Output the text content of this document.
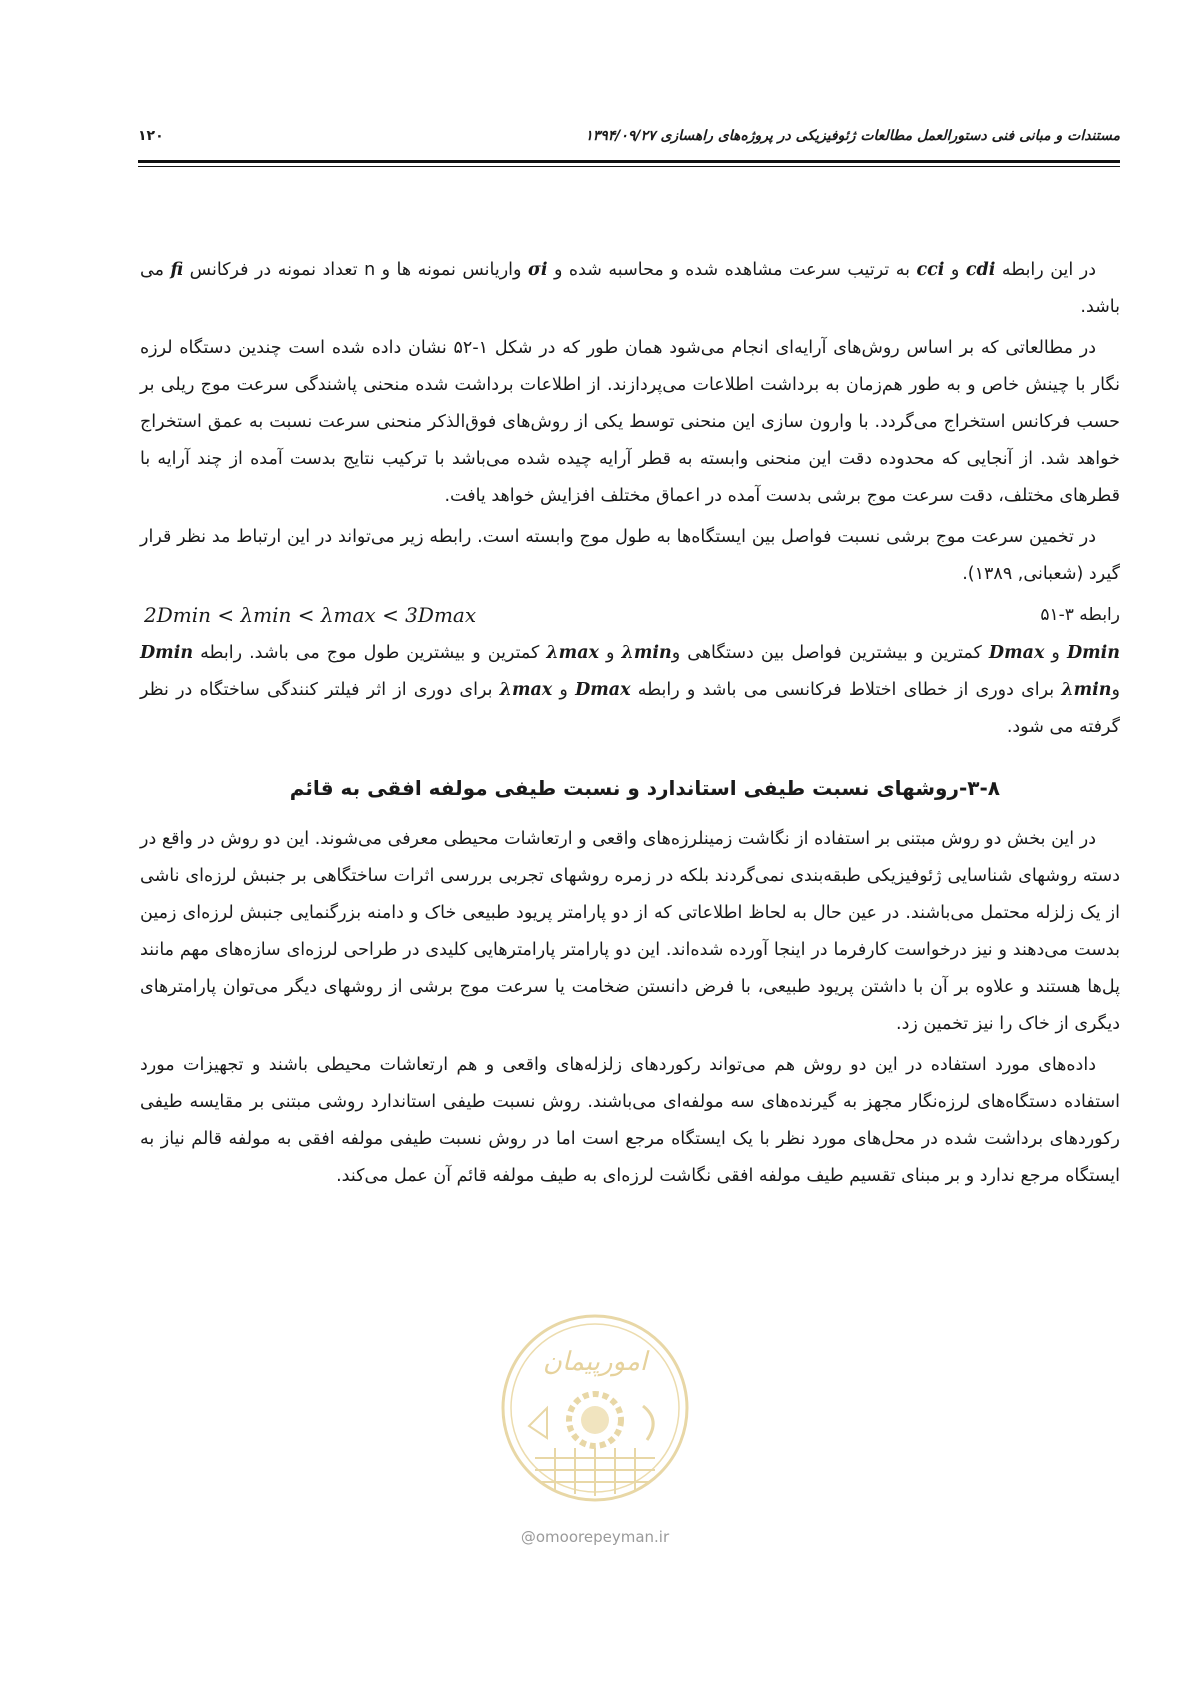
۱۲۰	مستندات و مبانی فنی دستورالعمل مطالعات ژئوفیزیکی در پروژه‌های راهسازی ۱۳۹۴/۰۹/۲۷

در این رابطه cdi و cci به ترتیب سرعت مشاهده شده و محاسبه شده و σi واریانس نمونه ها و n تعداد نمونه در فرکانس fi می باشد.

در مطالعاتی که بر اساس روش‌های آرایه‌ای انجام می‌شود همان طور که در شکل ۱-۵۲ نشان داده شده است چندین دستگاه لرزه نگار با چینش خاص و به طور هم‌زمان به برداشت اطلاعات می‌پردازند. از اطلاعات برداشت شده منحنی پاشندگی سرعت موج ریلی بر حسب فرکانس استخراج می‌گردد. با وارون سازی این منحنی توسط یکی از روش‌های فوق‌الذکر منحنی سرعت نسبت به عمق استخراج خواهد شد. از آنجایی که محدوده دقت این منحنی وابسته به قطر آرایه چیده شده می‌باشد با ترکیب نتایج بدست آمده از چند آرایه با قطرهای مختلف، دقت سرعت موج برشی بدست آمده در اعماق مختلف افزایش خواهد یافت.

در تخمین سرعت موج برشی نسبت فواصل بین ایستگاه‌ها به طول موج وابسته است. رابطه زیر می‌تواند در این ارتباط مد نظر قرار گیرد (شعبانی, ۱۳۸۹).

2Dmin < λmin < λmax < 3Dmax	رابطه ۳-۵۱

Dmin و Dmax کمترین و بیشترین فواصل بین دستگاهی وλmin و λmax کمترین و بیشترین طول موج می باشد. رابطه Dmin وλmin برای دوری از خطای اختلاط فرکانسی می باشد و رابطه Dmax و λmax برای دوری از اثر فیلتر کنندگی ساختگاه در نظر گرفته می شود.

۳-۸-روشهای نسبت طیفی استاندارد و نسبت طیفی مولفه افقی به قائم

در این بخش دو روش مبتنی بر استفاده از نگاشت زمینلرزه‌های واقعی و ارتعاشات محیطی معرفی می‌شوند. این دو روش در واقع در دسته روشهای شناسایی ژئوفیزیکی طبقه‌بندی نمی‌گردند بلکه در زمره روشهای تجربی بررسی اثرات ساختگاهی بر جنبش لرزه‌ای ناشی از یک زلزله محتمل می‌باشند. در عین حال به لحاظ اطلاعاتی که از دو پارامتر پریود طبیعی خاک و دامنه بزرگنمایی جنبش لرزه‌ای زمین بدست می‌دهند و نیز درخواست کارفرما در اینجا آورده شده‌اند. این دو پارامتر پارامترهایی کلیدی در طراحی لرزه‌ای سازه‌های مهم مانند پل‌ها هستند و علاوه بر آن با داشتن پریود طبیعی، با فرض دانستن ضخامت یا سرعت موج برشی از روشهای دیگر می‌توان پارامترهای دیگری از خاک را نیز تخمین زد.

داده‌های مورد استفاده در این دو روش هم می‌تواند رکوردهای زلزله‌های واقعی و هم ارتعاشات محیطی باشند و تجهیزات مورد استفاده دستگاه‌های لرزه‌نگار مجهز به گیرنده‌های سه مولفه‌ای می‌باشند. روش نسبت طیفی استاندارد روشی مبتنی بر مقایسه طیفی رکوردهای برداشت شده در محل‌های مورد نظر با یک ایستگاه مرجع است اما در روش نسبت طیفی مولفه افقی به مولفه قالم نیاز به ایستگاه مرجع ندارد و بر مبنای تقسیم طیف مولفه افقی نگاشت لرزه‌ای به طیف مولفه قائم آن عمل می‌کند.

امورپیمان
@omoorepeyman.ir
